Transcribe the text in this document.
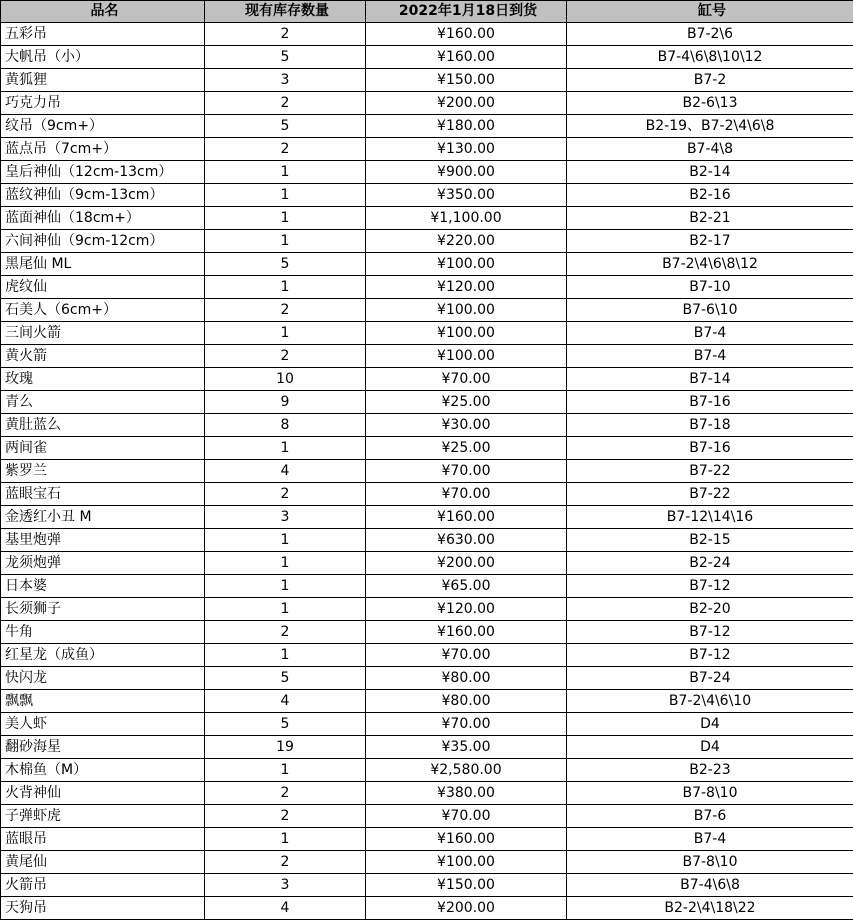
品名	现有库存数量	2022年1月18日到货	缸号
五彩吊	2	¥160.00	B7-2\6
大帆吊（小）	5	¥160.00	B7-4\6\8\10\12
黄狐狸	3	¥150.00	B7-2
巧克力吊	2	¥200.00	B2-6\13
纹吊（9cm+）	5	¥180.00	B2-19、B7-2\4\6\8
蓝点吊（7cm+）	2	¥130.00	B7-4\8
皇后神仙（12cm-13cm）	1	¥900.00	B2-14
蓝纹神仙（9cm-13cm）	1	¥350.00	B2-16
蓝面神仙（18cm+）	1	¥1,100.00	B2-21
六间神仙（9cm-12cm）	1	¥220.00	B2-17
黑尾仙 ML	5	¥100.00	B7-2\4\6\8\12
虎纹仙	1	¥120.00	B7-10
石美人（6cm+）	2	¥100.00	B7-6\10
三间火箭	1	¥100.00	B7-4
黄火箭	2	¥100.00	B7-4
玫瑰	10	¥70.00	B7-14
青么	9	¥25.00	B7-16
黄肚蓝么	8	¥30.00	B7-18
两间雀	1	¥25.00	B7-16
紫罗兰	4	¥70.00	B7-22
蓝眼宝石	2	¥70.00	B7-22
金透红小丑 M	3	¥160.00	B7-12\14\16
基里炮弹	1	¥630.00	B2-15
龙须炮弹	1	¥200.00	B2-24
日本婆	1	¥65.00	B7-12
长须狮子	1	¥120.00	B2-20
牛角	2	¥160.00	B7-12
红星龙（成鱼）	1	¥70.00	B7-12
快闪龙	5	¥80.00	B7-24
飘飘	4	¥80.00	B7-2\4\6\10
美人虾	5	¥70.00	D4
翻砂海星	19	¥35.00	D4
木棉鱼（M）	1	¥2,580.00	B2-23
火背神仙	2	¥380.00	B7-8\10
子弹虾虎	2	¥70.00	B7-6
蓝眼吊	1	¥160.00	B7-4
黄尾仙	2	¥100.00	B7-8\10
火箭吊	3	¥150.00	B7-4\6\8
天狗吊	4	¥200.00	B2-2\4\18\22
